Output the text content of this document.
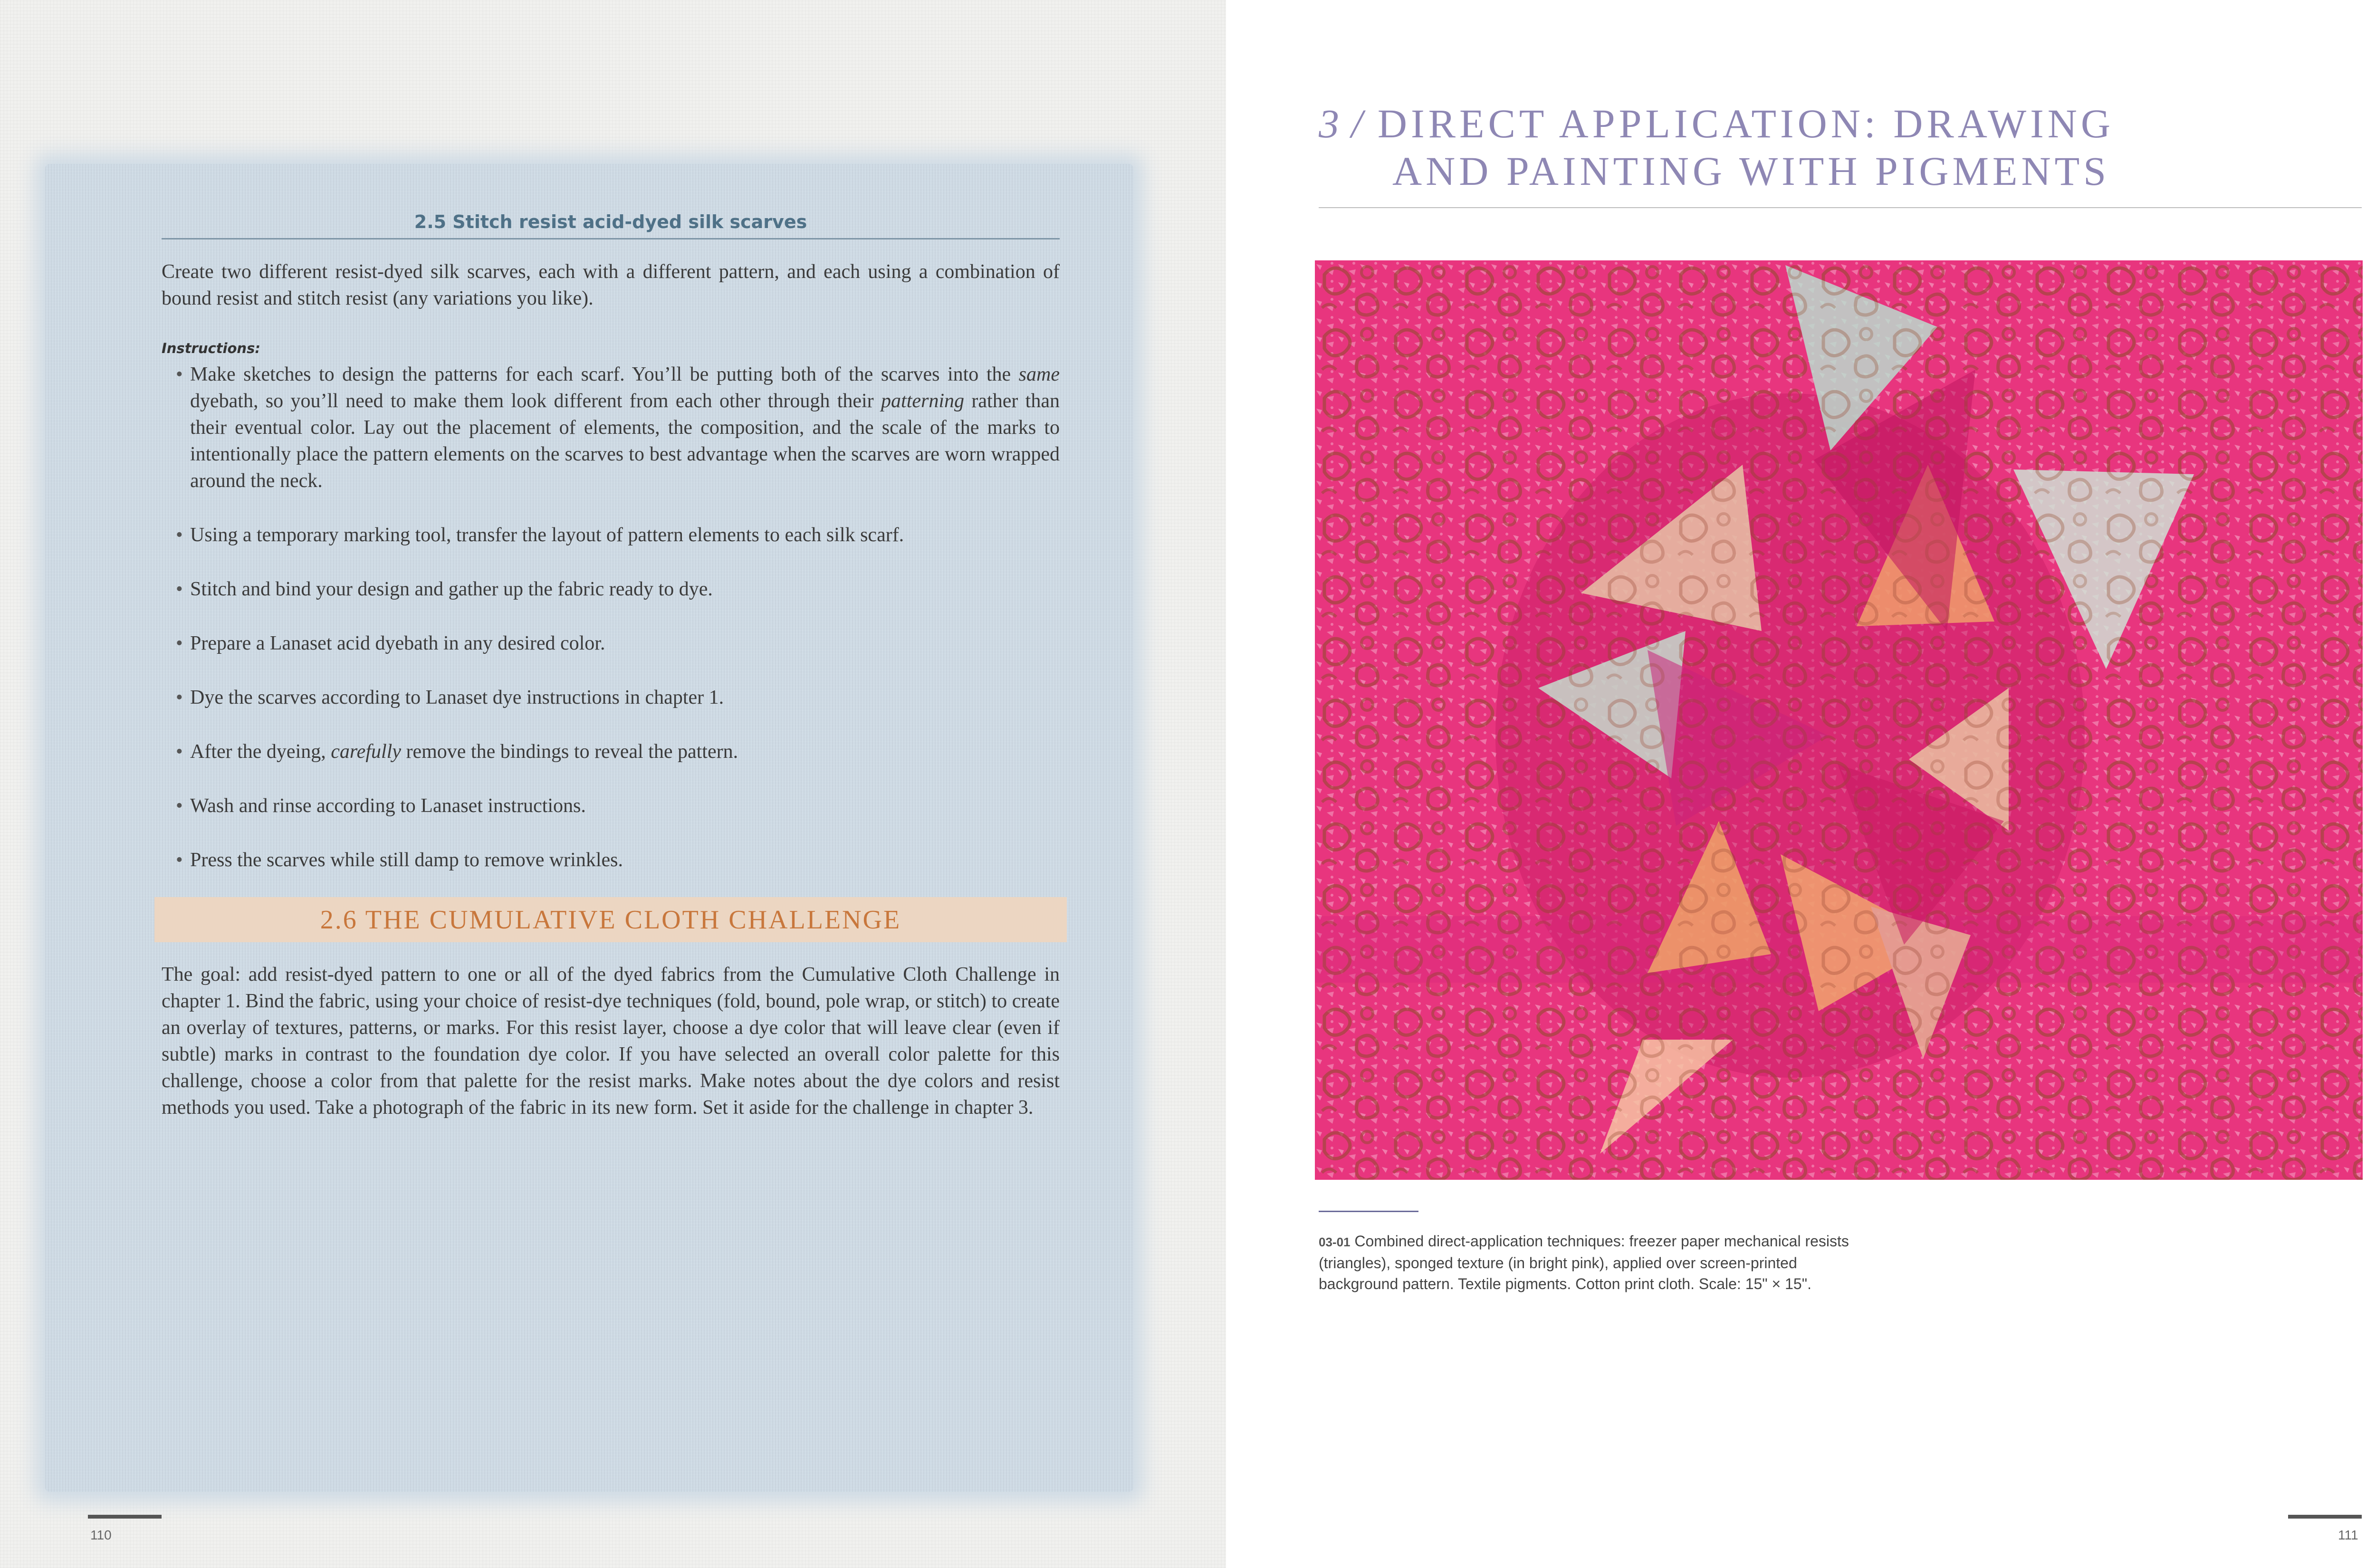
2.5 Stitch resist acid-dyed silk scarves

Create two different resist-dyed silk scarves, each with a different pattern, and each using a combination of bound resist and stitch resist (any variations you like).

Instructions:
• Make sketches to design the patterns for each scarf. You’ll be putting both of the scarves into the same dyebath, so you’ll need to make them look different from each other through their patterning rather than their eventual color. Lay out the placement of elements, the composition, and the scale of the marks to intentionally place the pattern elements on the scarves to best advantage when the scarves are worn wrapped around the neck.
• Using a temporary marking tool, transfer the layout of pattern elements to each silk scarf.
• Stitch and bind your design and gather up the fabric ready to dye.
• Prepare a Lanaset acid dyebath in any desired color.
• Dye the scarves according to Lanaset dye instructions in chapter 1.
• After the dyeing, carefully remove the bindings to reveal the pattern.
• Wash and rinse according to Lanaset instructions.
• Press the scarves while still damp to remove wrinkles.
2.6 THE CUMULATIVE CLOTH CHALLENGE

The goal: add resist-dyed pattern to one or all of the dyed fabrics from the Cumulative Cloth Challenge in chapter 1. Bind the fabric, using your choice of resist-dye techniques (fold, bound, pole wrap, or stitch) to create an overlay of textures, patterns, or marks. For this resist layer, choose a dye color that will leave clear (even if subtle) marks in contrast to the foundation dye color. If you have selected an overall color palette for this challenge, choose a color from that palette for the resist marks. Make notes about the dye colors and resist methods you used. Take a photograph of the fabric in its new form. Set it aside for the challenge in chapter 3.

110
3 / DIRECT APPLICATION: DRAWING
AND PAINTING WITH PIGMENTS
03-01 Combined direct-application techniques: freezer paper mechanical resists (triangles), sponged texture (in bright pink), applied over screen-printed background pattern. Textile pigments. Cotton print cloth. Scale: 15" × 15".
111
